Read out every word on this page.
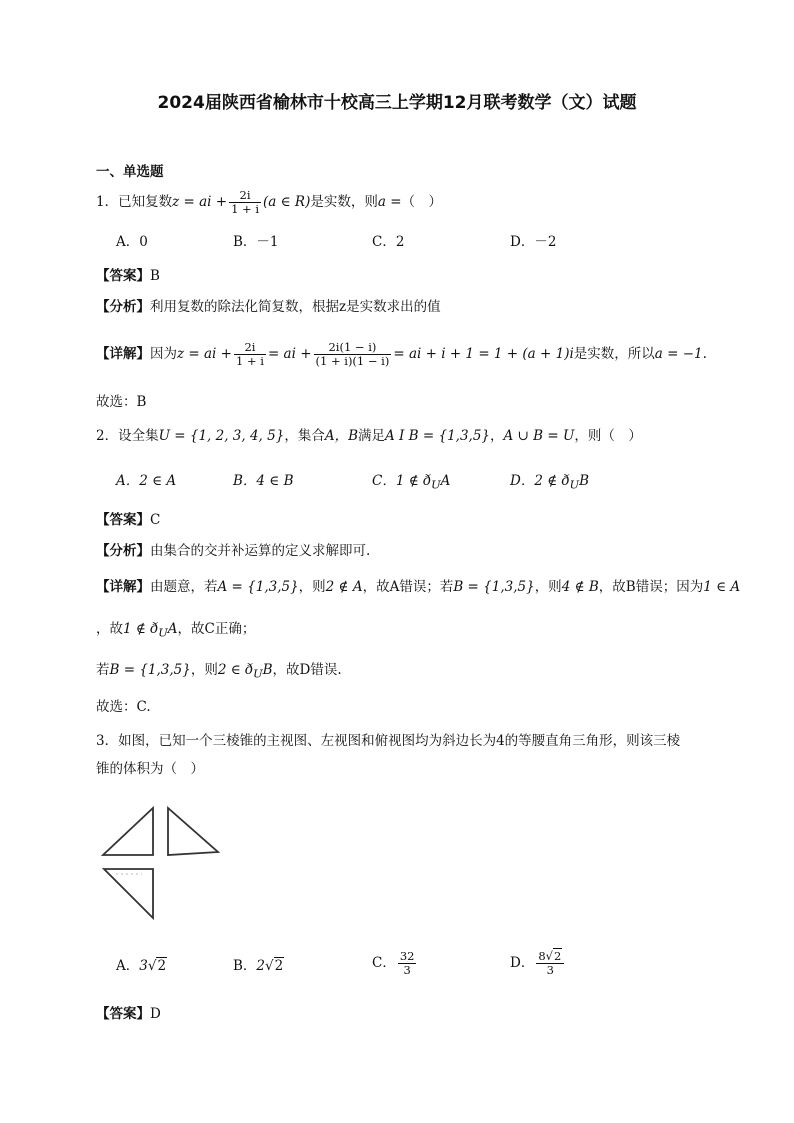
2024届陕西省榆林市十校高三上学期12月联考数学（文）试题
一、单选题
1．已知复数z = ai + $\frac{2i}{1 + i} (a$ ∈ R)是实数，则a =（　）
A．0	B．－1	C．2	D．－2
【答案】B
【分析】利用复数的除法化简复数，根据z是实数求出的值
【详解】因为z = ai + $\frac{2i}{1 + i}$ = ai + $\frac{2i(1 - i)}{(1 + i)(1 - i)}$ = ai + i + 1 = 1 + (a + 1)i是实数，所以a = −1.
故选：B
2．设全集U = {1, 2, 3, 4, 5}，集合A，B满足A I B = {1,3,5}，A ∪ B = U，则（　）
A．2 ∈ A	B．4 ∈ B	C．1 ∉ $ð_UA$	D．2 ∉ $ð_UB$
【答案】C
【分析】由集合的交并补运算的定义求解即可.
【详解】由题意，若A = {1,3,5}，则2 ∉ A，故A错误；若B = {1,3,5}，则4 ∉ B，故B错误；因为1 ∈ A
，故1 ∉ $ð_UA$，故C正确；
若B = {1,3,5}，则2 ∈ $ð_UB$，故D错误.
故选：C.
3．如图，已知一个三棱锥的主视图、左视图和俯视图均为斜边长为4的等腰直角三角形，则该三棱
锥的体积为（　）
A．3√2	B．2√2	C． $\frac{32}{3}$	D． $\frac{8√2}{3}$
【答案】D
